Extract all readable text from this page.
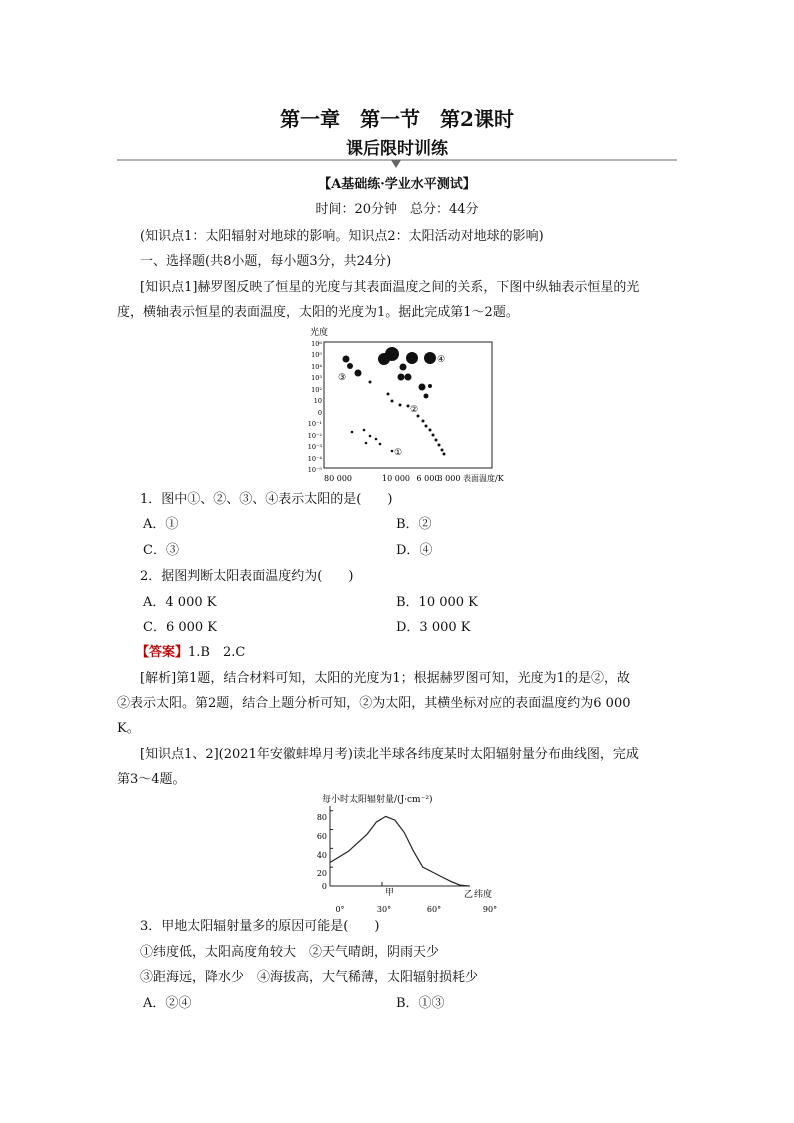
第一章　第一节　第2课时
课后限时训练
【A基础练·学业水平测试】
时间：20分钟　总分：44分
(知识点1：太阳辐射对地球的影响。知识点2：太阳活动对地球的影响)
一、选择题(共8小题，每小题3分，共24分)
[知识点1]赫罗图反映了恒星的光度与其表面温度之间的关系，下图中纵轴表示恒星的光
度，横轴表示恒星的表面温度，太阳的光度为1。据此完成第1～2题。
光度
10⁶
10⁵
10⁴
10³
10²
10
0
10⁻¹
10⁻²
10⁻³
10⁻⁴
10⁻⁵
80 000	10 000 6 000
3 000 表面温度/K
①
②
③
④
1．图中①、②、③、④表示太阳的是(　　)
A．①	B．②
C．③	D．④
2．据图判断太阳表面温度约为(　　)
A．4 000 K	B．10 000 K
C．6 000 K	D．3 000 K
【答案】1.B　2.C
[解析]第1题，结合材料可知，太阳的光度为1；根据赫罗图可知，光度为1的是②，故
②表示太阳。第2题，结合上题分析可知，②为太阳，其横坐标对应的表面温度约为6 000
K。
[知识点1、2](2021年安徽蚌埠月考)读北半球各纬度某时太阳辐射量分布曲线图，完成
第3～4题。
每小时太阳辐射量/(J·cm⁻²)
80
60
40
20
0
0°	30°	60°	90°
甲	乙 纬度
3．甲地太阳辐射量多的原因可能是(　　)
①纬度低，太阳高度角较大　②天气晴朗，阴雨天少
③距海远，降水少　④海拔高，大气稀薄，太阳辐射损耗少
A．②④	B．①③
